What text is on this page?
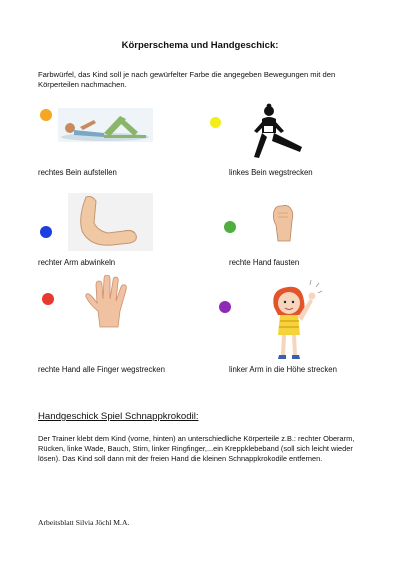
Körperschema und Handgeschick:
Farbwürfel, das Kind soll je nach gewürfelter Farbe die angegeben Bewegungen mit den Körperteilen nachmachen.
rechtes Bein aufstellen	linkes Bein wegstrecken
rechter Arm abwinkeln	rechte Hand fausten
rechte Hand alle Finger wegstrecken	linker Arm in die Höhe strecken
Handgeschick Spiel Schnappkrokodil:
Der Trainer klebt dem Kind (vorne, hinten) an unterschiedliche Körperteile z.B.: rechter Oberarm, Rücken, linke Wade, Bauch, Stirn, linker Ringfinger,...ein Kreppklebeband (soll sich leicht wieder lösen). Das Kind soll dann mit der freien Hand die kleinen Schnappkrokodile entfernen.
Arbeitsblatt Silvia Jöchl M.A.
